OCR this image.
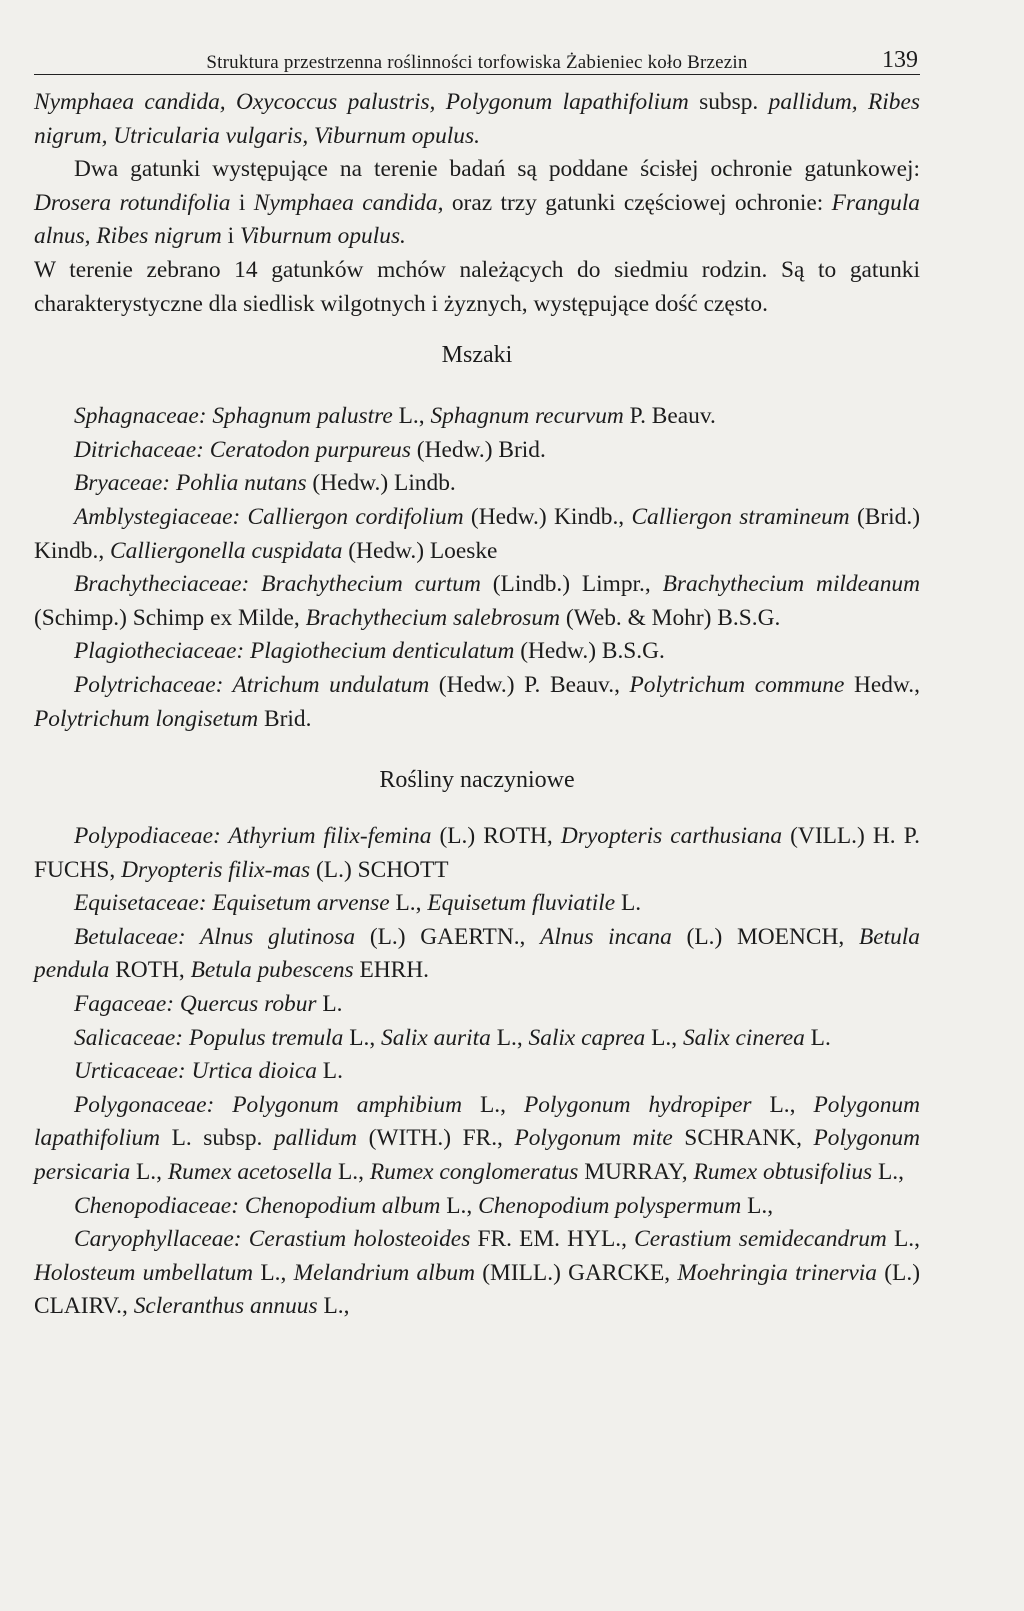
Struktura przestrzenna roślinności torfowiska Żabieniec koło Brzezin	139

Nymphaea candida, Oxycoccus palustris, Polygonum lapathifolium subsp. pallidum, Ribes nigrum, Utricularia vulgaris, Viburnum opulus.

Dwa gatunki występujące na terenie badań są poddane ścisłej ochronie gatunkowej: Drosera rotundifolia i Nymphaea candida, oraz trzy gatunki częściowej ochronie: Frangula alnus, Ribes nigrum i Viburnum opulus.

W terenie zebrano 14 gatunków mchów należących do siedmiu rodzin. Są to gatunki charakterystyczne dla siedlisk wilgotnych i żyznych, występujące dość często.

Mszaki

Sphagnaceae: Sphagnum palustre L., Sphagnum recurvum P. Beauv.

Ditrichaceae: Ceratodon purpureus (Hedw.) Brid.

Bryaceae: Pohlia nutans (Hedw.) Lindb.

Amblystegiaceae: Calliergon cordifolium (Hedw.) Kindb., Calliergon stramineum (Brid.) Kindb., Calliergonella cuspidata (Hedw.) Loeske

Brachytheciaceae: Brachythecium curtum (Lindb.) Limpr., Brachythecium mildeanum (Schimp.) Schimp ex Milde, Brachythecium salebrosum (Web. & Mohr) B.S.G.

Plagiotheciaceae: Plagiothecium denticulatum (Hedw.) B.S.G.

Polytrichaceae: Atrichum undulatum (Hedw.) P. Beauv., Polytrichum commune Hedw., Polytrichum longisetum Brid.

Rośliny naczyniowe

Polypodiaceae: Athyrium filix-femina (L.) ROTH, Dryopteris carthusiana (VILL.) H. P. FUCHS, Dryopteris filix-mas (L.) SCHOTT

Equisetaceae: Equisetum arvense L., Equisetum fluviatile L.

Betulaceae: Alnus glutinosa (L.) GAERTN., Alnus incana (L.) MOENCH, Betula pendula ROTH, Betula pubescens EHRH.

Fagaceae: Quercus robur L.

Salicaceae: Populus tremula L., Salix aurita L., Salix caprea L., Salix cinerea L.

Urticaceae: Urtica dioica L.

Polygonaceae: Polygonum amphibium L., Polygonum hydropiper L., Polygonum lapathifolium L. subsp. pallidum (WITH.) FR., Polygonum mite SCHRANK, Polygonum persicaria L., Rumex acetosella L., Rumex conglomeratus MURRAY, Rumex obtusifolius L.,

Chenopodiaceae: Chenopodium album L., Chenopodium polyspermum L.,

Caryophyllaceae: Cerastium holosteoides FR. EM. HYL., Cerastium semidecandrum L., Holosteum umbellatum L., Melandrium album (MILL.) GARCKE, Moehringia trinervia (L.) CLAIRV., Scleranthus annuus L.,
